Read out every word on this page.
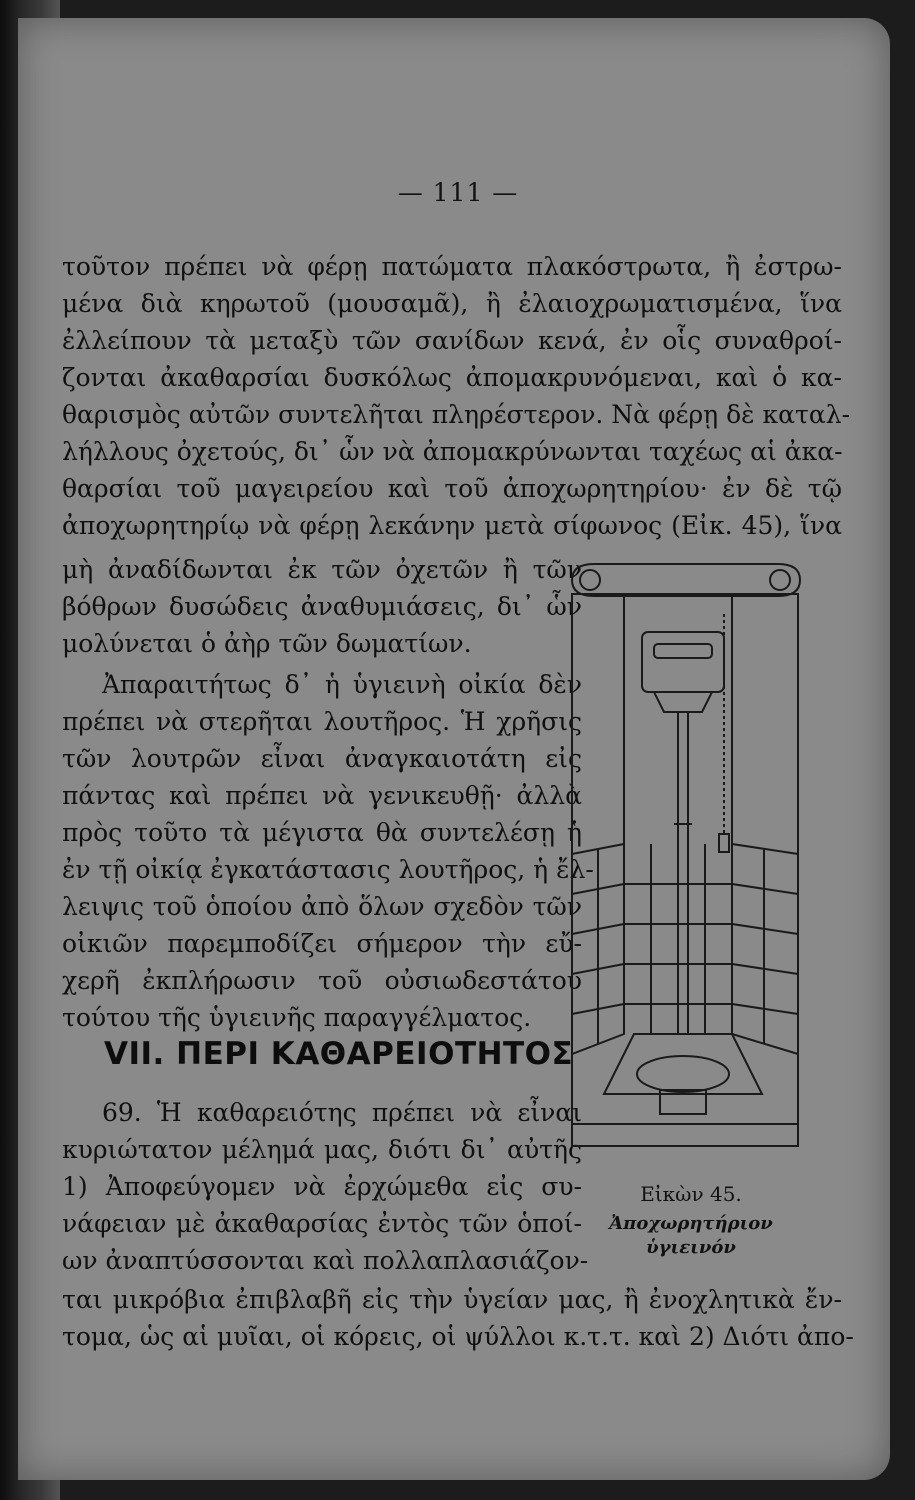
— 111 —
τοῦτον πρέπει νὰ φέρῃ πατώματα πλακόστρωτα, ἢ ἐστρω-
μένα διὰ κηρωτοῦ (μουσαμᾶ), ἢ ἐλαιοχρωματισμένα, ἵνα
ἐλλείπουν τὰ μεταξὺ τῶν σανίδων κενά, ἐν οἷς συναθροί-
ζονται ἀκαθαρσίαι δυσκόλως ἀπομακρυνόμεναι, καὶ ὁ κα-
θαρισμὸς αὐτῶν συντελῆται πληρέστερον. Νὰ φέρῃ δὲ καταλ-
λήλλους ὀχετούς, δι᾽ ὧν νὰ ἀπομακρύνωνται ταχέως αἱ ἀκα-
θαρσίαι τοῦ μαγειρείου καὶ τοῦ ἀποχωρητηρίου· ἐν δὲ τῷ
ἀποχωρητηρίῳ νὰ φέρῃ λεκάνην μετὰ σίφωνος (Εἰκ. 45), ἵνα
μὴ ἀναδίδωνται ἐκ τῶν ὀχετῶν ἢ τῶν
βόθρων δυσώδεις ἀναθυμιάσεις, δι᾽ ὧν
μολύνεται ὁ ἀὴρ τῶν δωματίων.
Ἀπαραιτήτως δ᾽ ἡ ὑγιεινὴ οἰκία δὲν
πρέπει νὰ στερῆται λουτῆρος. Ἡ χρῆσις
τῶν λουτρῶν εἶναι ἀναγκαιοτάτη εἰς
πάντας καὶ πρέπει νὰ γενικευθῇ· ἀλλὰ
πρὸς τοῦτο τὰ μέγιστα θὰ συντελέσῃ ἡ
ἐν τῇ οἰκίᾳ ἐγκατάστασις λουτῆρος, ἡ ἔλ-
λειψις τοῦ ὁποίου ἀπὸ ὅλων σχεδὸν τῶν
οἰκιῶν παρεμποδίζει σήμερον τὴν εὔ-
χερῆ ἐκπλήρωσιν τοῦ οὐσιωδεστάτου
τούτου τῆς ὑγιεινῆς παραγγέλματος.
VII. ΠΕΡΙ ΚΑΘΑΡΕΙΟΤΗΤΟΣ
69. Ἡ καθαρειότης πρέπει νὰ εἶναι
κυριώτατον μέλημά μας, διότι δι᾽ αὐτῆς
1) Ἀποφεύγομεν νὰ ἐρχώμεθα εἰς συ-
νάφειαν μὲ ἀκαθαρσίας ἐντὸς τῶν ὁποί-
ων ἀναπτύσσονται καὶ πολλαπλασιάζον-
ται μικρόβια ἐπιβλαβῆ εἰς τὴν ὑγείαν μας, ἢ ἐνοχλητικὰ ἔν-
τομα, ὡς αἱ μυῖαι, οἱ κόρεις, οἱ ψύλλοι κ.τ.τ. καὶ 2) Διότι ἀπο-
Εἰκὼν 45.
Ἀποχωρητήριον
ὑγιεινόν
